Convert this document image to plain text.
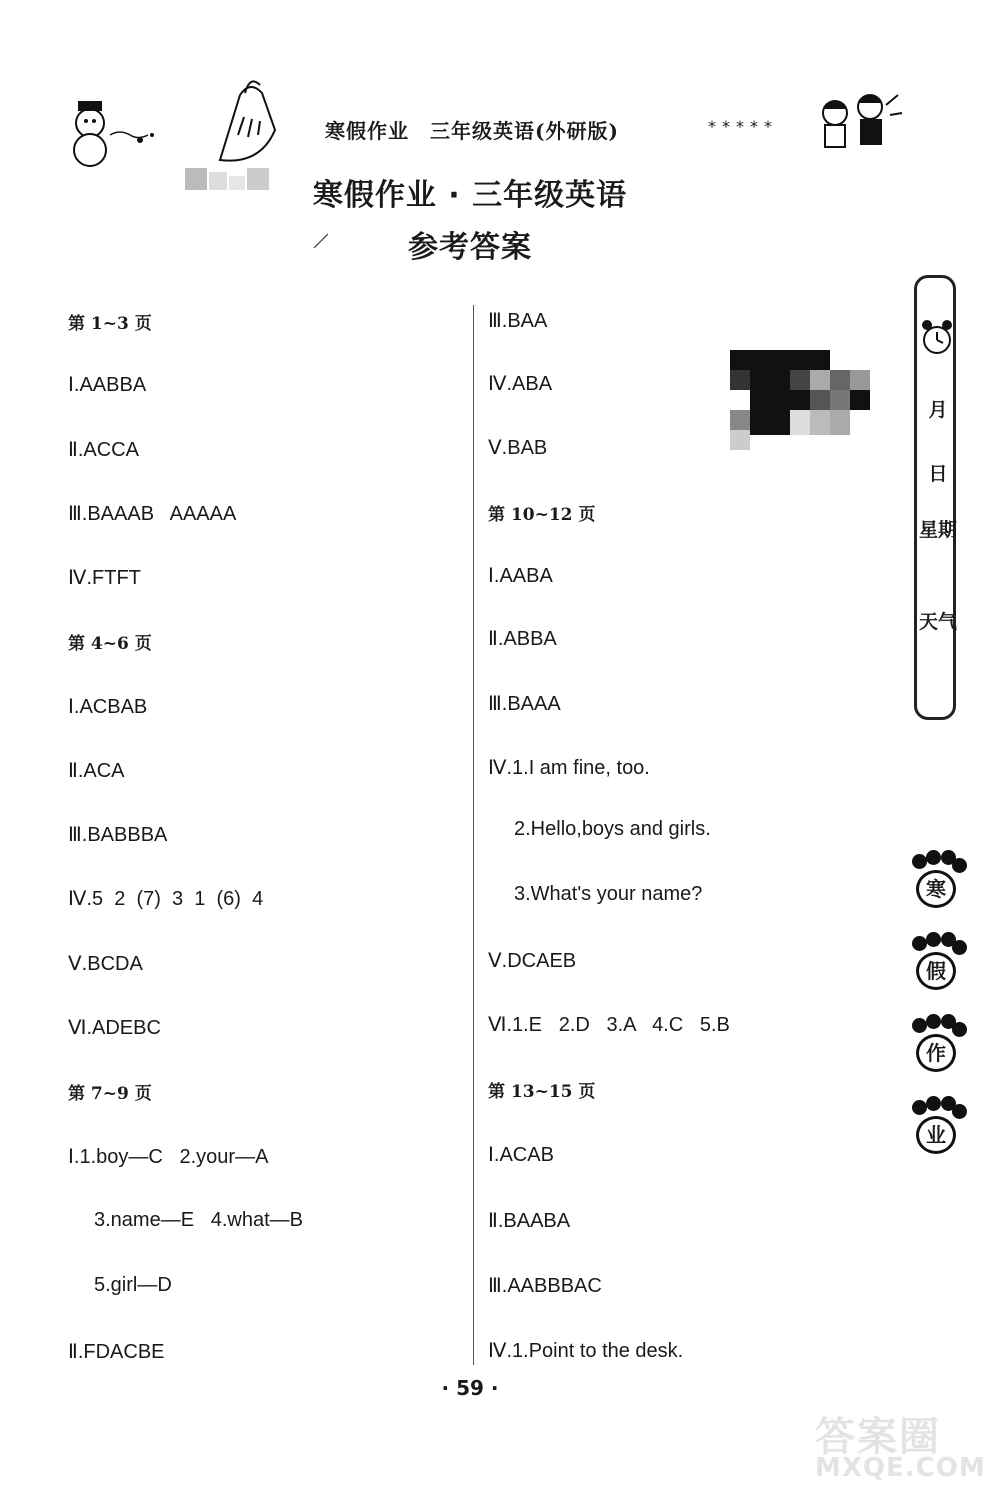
寒假作业　三年级英语(外研版)	*****
寒假作业 · 三年级英语
参考答案
第 1~3 页
Ⅰ.AABBA
Ⅱ.ACCA
Ⅲ.BAAAB   AAAAA
Ⅳ.FTFT
第 4~6 页
Ⅰ.ACBAB
Ⅱ.ACA
Ⅲ.BABBBA
Ⅳ.5  2  (7)  3  1  (6)  4
Ⅴ.BCDA
Ⅵ.ADEBC
第 7~9 页
Ⅰ.1.boy—C   2.your—A
3.name—E   4.what—B
5.girl—D
Ⅱ.FDACBE
Ⅲ.BAA
Ⅳ.ABA
Ⅴ.BAB
第 10~12 页
Ⅰ.AABA
Ⅱ.ABBA
Ⅲ.BAAA
Ⅳ.1.I am fine, too.
2.Hello,boys and girls.
3.What's your name?
Ⅴ.DCAEB
Ⅵ.1.E   2.D   3.A   4.C   5.B
第 13~15 页
Ⅰ.ACAB
Ⅱ.BAABA
Ⅲ.AABBBAC
Ⅳ.1.Point to the desk.
月
日
星期
天气
寒
假
作
业
· 59 ·
答案圈
MXQE.COM
